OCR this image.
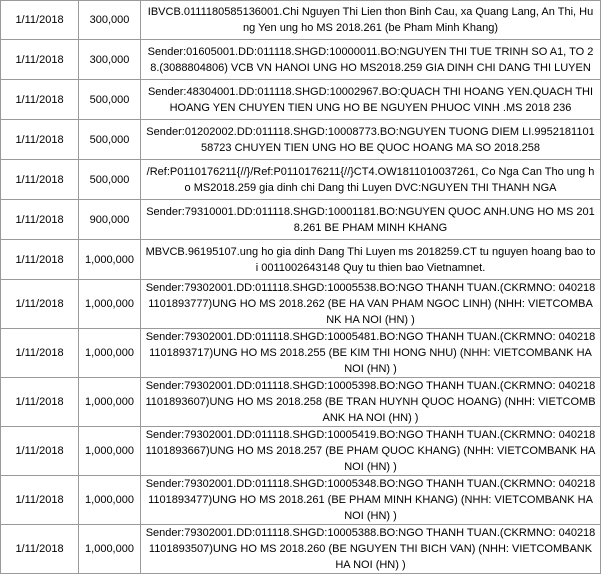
1/11/2018	300,000	IBVCB.0111180585136001.Chi Nguyen Thi Lien thon Binh Cau, xa Quang Lang, An Thi, Hung Yen ung ho MS 2018.261 (be Pham Minh Khang)
1/11/2018	300,000	Sender:01605001.DD:011118.SHGD:10000011.BO:NGUYEN THI TUE TRINH SO A1, TO 28.(3088804806) VCB VN HANOI UNG HO MS2018.259 GIA DINH CHI DANG THI LUYEN
1/11/2018	500,000	Sender:48304001.DD:011118.SHGD:10002967.BO:QUACH THI HOANG YEN.QUACH THI HOANG YEN CHUYEN TIEN UNG HO BE NGUYEN PHUOC VINH .MS 2018 236
1/11/2018	500,000	Sender:01202002.DD:011118.SHGD:10008773.BO:NGUYEN TUONG DIEM LI.995218110158723 CHUYEN TIEN UNG HO BE QUOC HOANG MA SO 2018.258
1/11/2018	500,000	/Ref:P0110176211{//}/Ref:P0110176211{//}CT4.OW1811010037261, Co Nga Can Tho ung ho MS2018.259 gia dinh chi Dang thi Luyen DVC:NGUYEN THI THANH NGA
1/11/2018	900,000	Sender:79310001.DD:011118.SHGD:10001181.BO:NGUYEN QUOC ANH.UNG HO MS 2018.261 BE PHAM MINH KHANG
1/11/2018	1,000,000	MBVCB.96195107.ung ho gia dinh Dang Thi Luyen ms 2018259.CT tu nguyen hoang bao toi 0011002643148 Quy tu thien bao Vietnamnet.
1/11/2018	1,000,000	Sender:79302001.DD:011118.SHGD:10005538.BO:NGO THANH TUAN.(CKRMNO: 0402181101893777)UNG HO MS 2018.262 (BE HA VAN PHAM NGOC LINH) (NHH: VIETCOMBANK HA NOI (HN) )
1/11/2018	1,000,000	Sender:79302001.DD:011118.SHGD:10005481.BO:NGO THANH TUAN.(CKRMNO: 0402181101893717)UNG HO MS 2018.255 (BE KIM THI HONG NHU) (NHH: VIETCOMBANK HA NOI (HN) )
1/11/2018	1,000,000	Sender:79302001.DD:011118.SHGD:10005398.BO:NGO THANH TUAN.(CKRMNO: 0402181101893607)UNG HO MS 2018.258 (BE TRAN HUYNH QUOC HOANG) (NHH: VIETCOMBANK HA NOI (HN) )
1/11/2018	1,000,000	Sender:79302001.DD:011118.SHGD:10005419.BO:NGO THANH TUAN.(CKRMNO: 0402181101893667)UNG HO MS 2018.257 (BE PHAM QUOC KHANG) (NHH: VIETCOMBANK HA NOI (HN) )
1/11/2018	1,000,000	Sender:79302001.DD:011118.SHGD:10005348.BO:NGO THANH TUAN.(CKRMNO: 0402181101893477)UNG HO MS 2018.261 (BE PHAM MINH KHANG) (NHH: VIETCOMBANK HA NOI (HN) )
1/11/2018	1,000,000	Sender:79302001.DD:011118.SHGD:10005388.BO:NGO THANH TUAN.(CKRMNO: 0402181101893507)UNG HO MS 2018.260 (BE NGUYEN THI BICH VAN) (NHH: VIETCOMBANK HA NOI (HN) )
